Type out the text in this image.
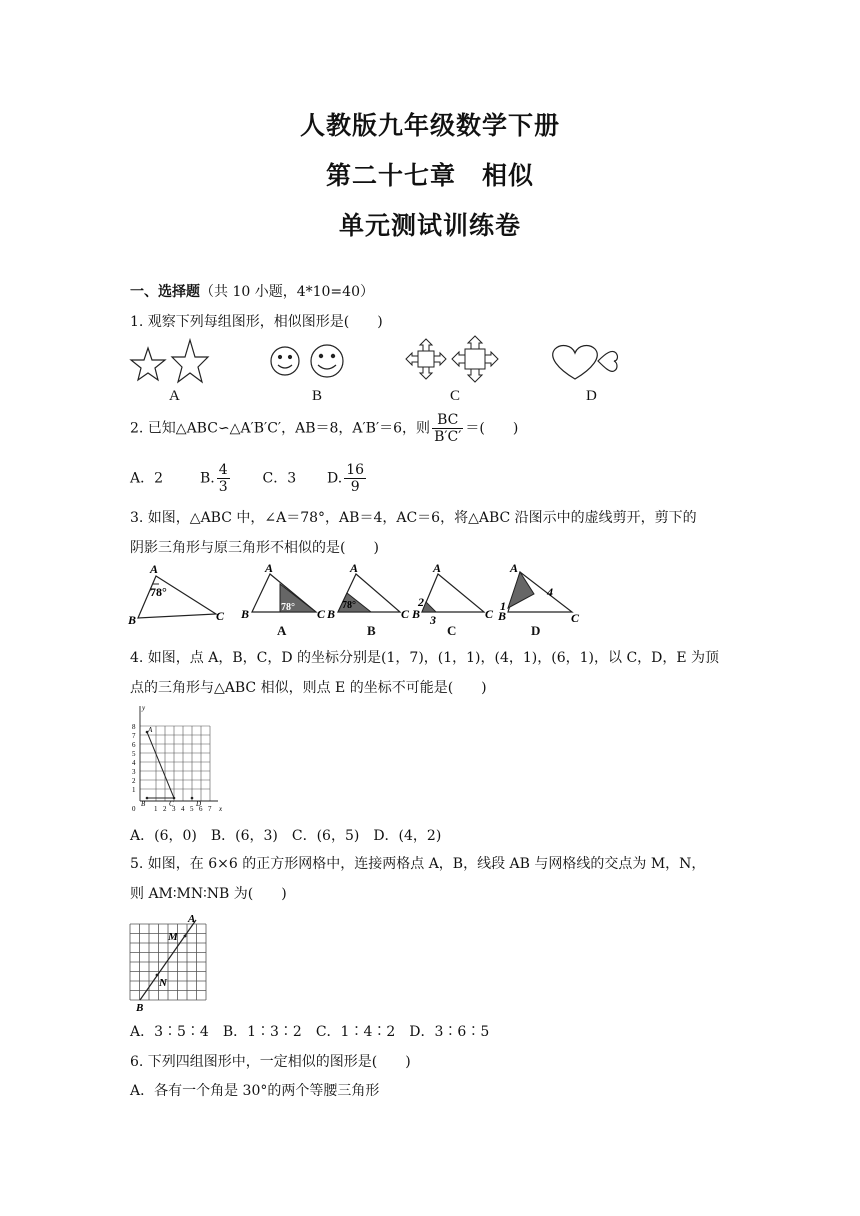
人教版九年级数学下册
第二十七章　相似
单元测试训练卷
一、选择题（共 10 小题，4*10=40）
1. 观察下列每组图形，相似图形是(　　)
A	B	C	D
2. 已知△ABC∽△A′B′C′，AB＝8，A′B′＝6，则 $\frac{BC}{B'C'}$ ＝(　　)
A．2	B. $\frac{4}{3}$ C．3 D. $\frac{16}{9}$
3. 如图，△ABC 中，∠A＝78°，AB＝4，AC＝6，将△ABC 沿图示中的虚线剪开，剪下的
阴影三角形与原三角形不相似的是(　　)
A
B	C
78°
A
B	C
78°
A
B	C
78°
A
B	C
2
3
A
B	C
4
1
A	B	C	D
4. 如图，点 A，B，C，D 的坐标分别是(1，7)，(1，1)，(4，1)，(6，1)，以 C，D，E 为顶
点的三角形与△ABC 相似，则点 E 的坐标不可能是(　　)
1
2
3
4
5
6
7
8
1 2 3 4 5 6 7
y
x
0
A
B	C	D
A．(6，0)　B．(6，3)　C．(6，5)　D．(4，2)
5. 如图，在 6×6 的正方形网格中，连接两格点 A，B，线段 AB 与网格线的交点为 M，N，
则 AM∶MN∶NB 为(　　)
A
B
M
N
A．3∶5∶4　B．1∶3∶2　C．1∶4∶2　D．3∶6∶5
6. 下列四组图形中，一定相似的图形是(　　)
A．各有一个角是 30°的两个等腰三角形
